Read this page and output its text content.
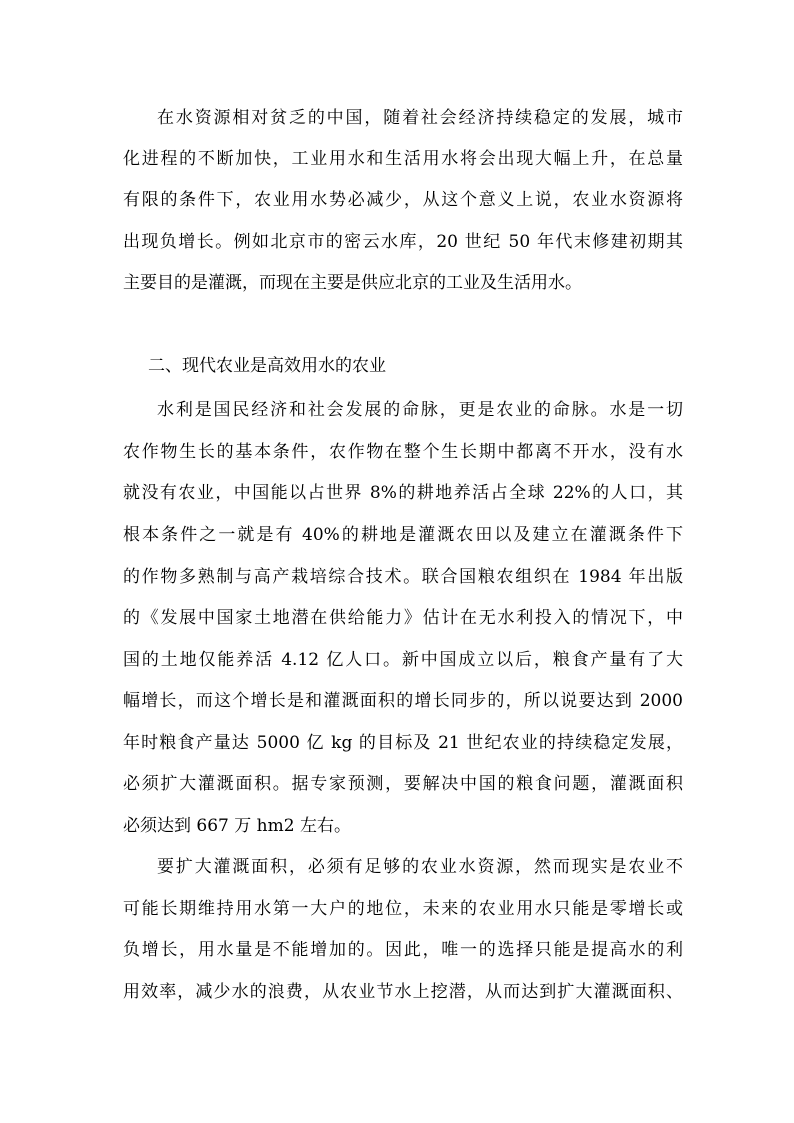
在水资源相对贫乏的中国，随着社会经济持续稳定的发展，城市
化进程的不断加快，工业用水和生活用水将会出现大幅上升，在总量
有限的条件下，农业用水势必减少，从这个意义上说，农业水资源将
出现负增长。例如北京市的密云水库，20 世纪 50 年代末修建初期其
主要目的是灌溉，而现在主要是供应北京的工业及生活用水。
二、现代农业是高效用水的农业
水利是国民经济和社会发展的命脉，更是农业的命脉。水是一切
农作物生长的基本条件，农作物在整个生长期中都离不开水，没有水
就没有农业，中国能以占世界 8%的耕地养活占全球 22%的人口，其
根本条件之一就是有 40%的耕地是灌溉农田以及建立在灌溉条件下
的作物多熟制与高产栽培综合技术。联合国粮农组织在 1984 年出版
的《发展中国家土地潜在供给能力》估计在无水利投入的情况下，中
国的土地仅能养活 4.12 亿人口。新中国成立以后，粮食产量有了大
幅增长，而这个增长是和灌溉面积的增长同步的，所以说要达到 2000
年时粮食产量达 5000 亿 kg 的目标及 21 世纪农业的持续稳定发展，
必须扩大灌溉面积。据专家预测，要解决中国的粮食问题，灌溉面积
必须达到 667 万 hm2 左右。
要扩大灌溉面积，必须有足够的农业水资源，然而现实是农业不
可能长期维持用水第一大户的地位，未来的农业用水只能是零增长或
负增长，用水量是不能增加的。因此，唯一的选择只能是提高水的利
用效率，减少水的浪费，从农业节水上挖潜，从而达到扩大灌溉面积、
